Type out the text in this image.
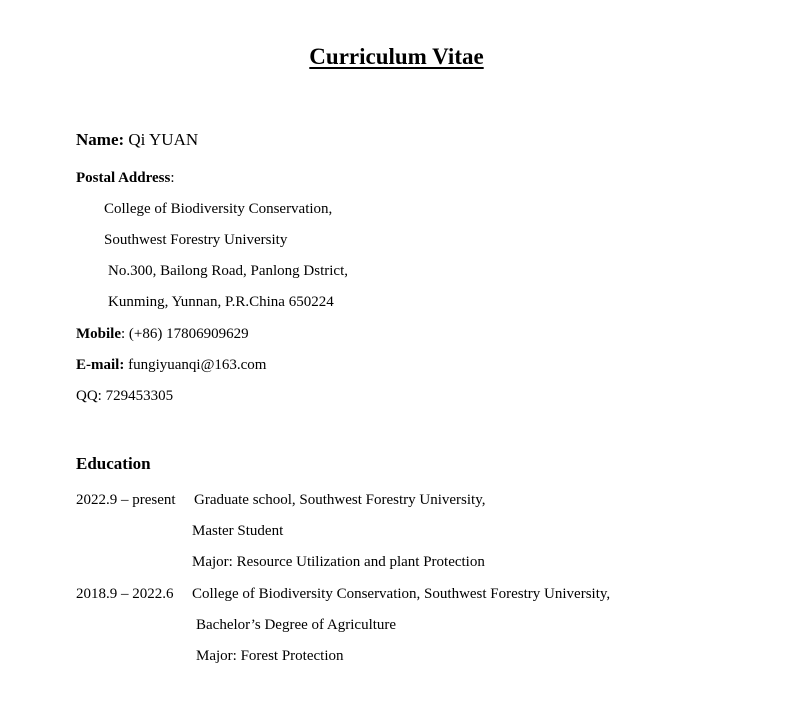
Curriculum Vitae
Name: Qi YUAN
Postal Address:
College of Biodiversity Conservation,
Southwest Forestry University
No.300, Bailong Road, Panlong Dstrict,
Kunming, Yunnan, P.R.China 650224
Mobile: (+86) 17806909629
E-mail: fungiyuanqi@163.com
QQ: 729453305
Education
2022.9 – present Graduate school, Southwest Forestry University,
Master Student
Major: Resource Utilization and plant Protection
2018.9 – 2022.6 College of Biodiversity Conservation, Southwest Forestry University,
Bachelor’s Degree of Agriculture
Major: Forest Protection
